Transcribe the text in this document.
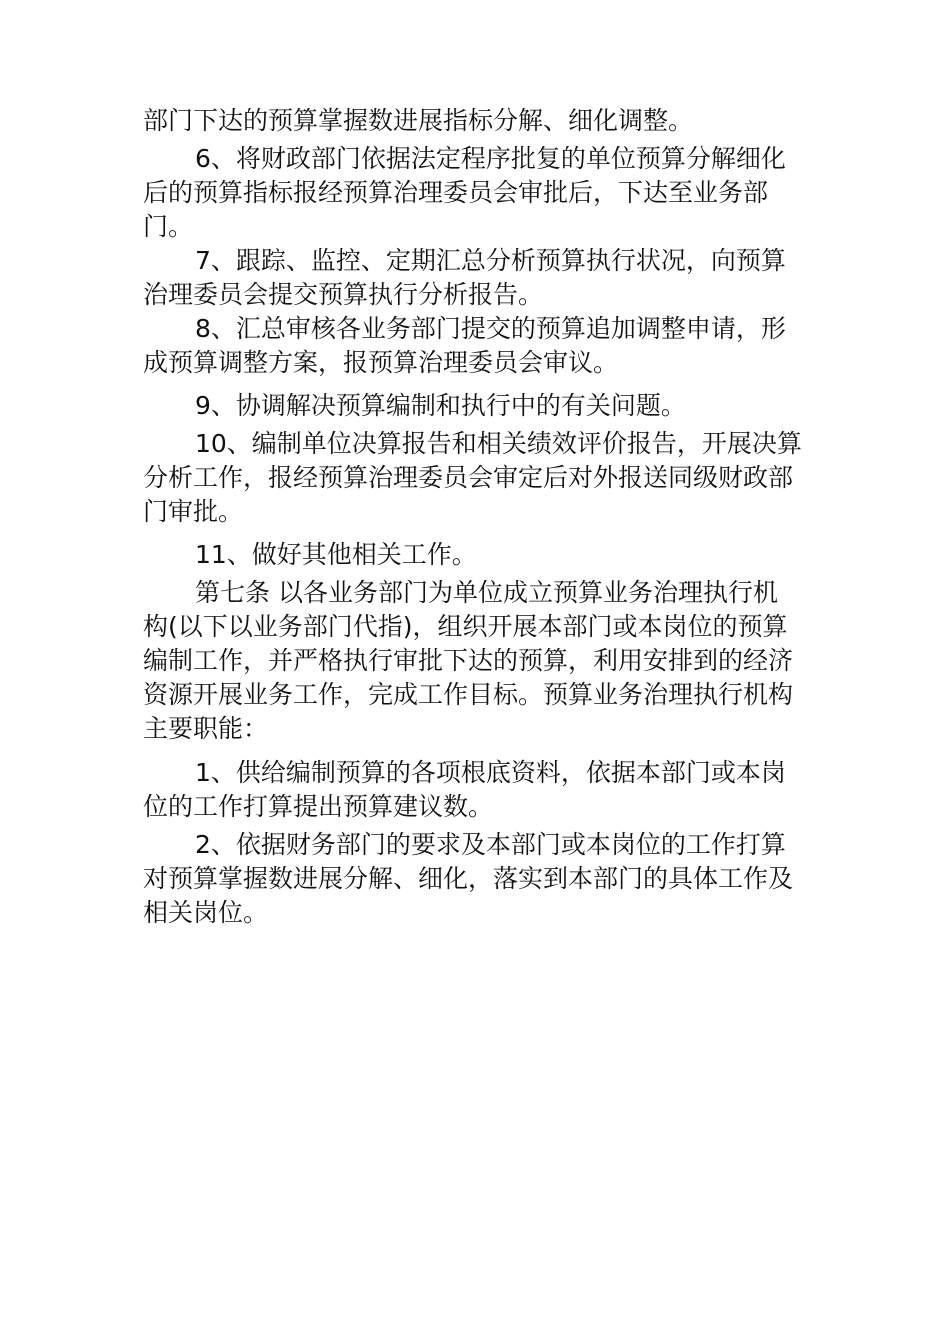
部门下达的预算掌握数进展指标分解、细化调整。
6、将财政部门依据法定程序批复的单位预算分解细化
后的预算指标报经预算治理委员会审批后，下达至业务部
门。
7、跟踪、监控、定期汇总分析预算执行状况，向预算
治理委员会提交预算执行分析报告。
8、汇总审核各业务部门提交的预算追加调整申请，形
成预算调整方案，报预算治理委员会审议。
9、协调解决预算编制和执行中的有关问题。
10、编制单位决算报告和相关绩效评价报告，开展决算
分析工作，报经预算治理委员会审定后对外报送同级财政部
门审批。
11、做好其他相关工作。
第七条 以各业务部门为单位成立预算业务治理执行机
构(以下以业务部门代指)，组织开展本部门或本岗位的预算
编制工作，并严格执行审批下达的预算，利用安排到的经济
资源开展业务工作，完成工作目标。预算业务治理执行机构
主要职能：
1、供给编制预算的各项根底资料，依据本部门或本岗
位的工作打算提出预算建议数。
2、依据财务部门的要求及本部门或本岗位的工作打算
对预算掌握数进展分解、细化，落实到本部门的具体工作及
相关岗位。
